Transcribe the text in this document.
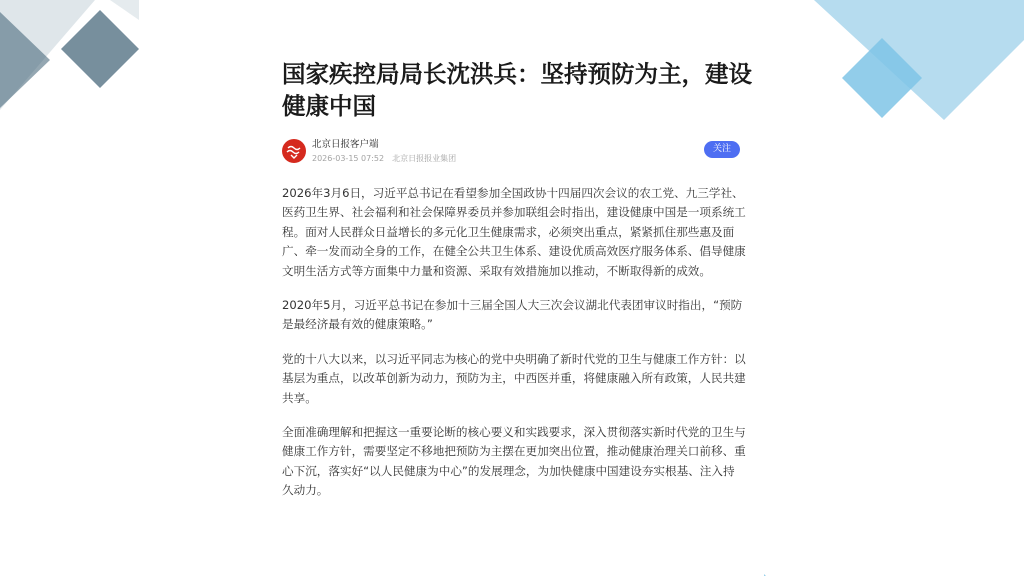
国家疾控局局长沈洪兵：坚持预防为主，建设健康中国
北京日报客户端
2026-03-15 07:52 北京日报报业集团
关注

2026年3月6日，习近平总书记在看望参加全国政协十四届四次会议的农工党、九三学社、医药卫生界、社会福利和社会保障界委员并参加联组会时指出，建设健康中国是一项系统工程。面对人民群众日益增长的多元化卫生健康需求，必须突出重点，紧紧抓住那些惠及面广、牵一发而动全身的工作，在健全公共卫生体系、建设优质高效医疗服务体系、倡导健康文明生活方式等方面集中力量和资源、采取有效措施加以推动，不断取得新的成效。

2020年5月，习近平总书记在参加十三届全国人大三次会议湖北代表团审议时指出，“预防是最经济最有效的健康策略。”

党的十八大以来，以习近平同志为核心的党中央明确了新时代党的卫生与健康工作方针：以基层为重点，以改革创新为动力，预防为主，中西医并重，将健康融入所有政策，人民共建共享。

全面准确理解和把握这一重要论断的核心要义和实践要求，深入贯彻落实新时代党的卫生与健康工作方针，需要坚定不移地把预防为主摆在更加突出位置，推动健康治理关口前移、重心下沉，落实好“以人民健康为中心”的发展理念，为加快健康中国建设夯实根基、注入持久动力。
